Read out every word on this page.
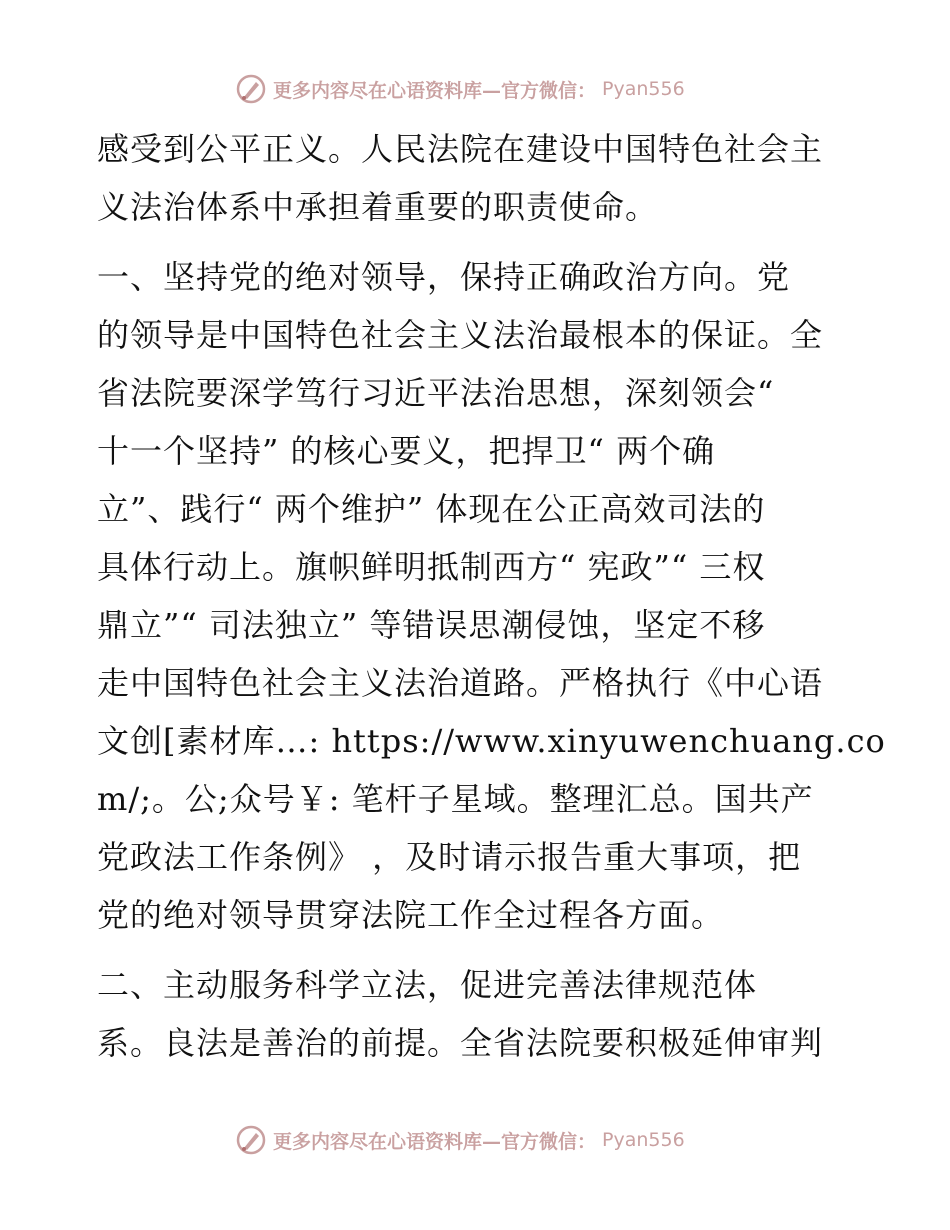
更多内容尽在心语资料库—官方微信： Pyan556
感受到公平正义。人民法院在建设中国特色社会主
义法治体系中承担着重要的职责使命。
一、坚持党的绝对领导，保持正确政治方向。党
的领导是中国特色社会主义法治最根本的保证。全
省法院要深学笃行习近平法治思想，深刻领会“
十一个坚持” 的核心要义，把捍卫“ 两个确
立”、践行“ 两个维护” 体现在公正高效司法的
具体行动上。旗帜鲜明抵制西方“ 宪政”“ 三权
鼎立”“ 司法独立” 等错误思潮侵蚀，坚定不移
走中国特色社会主义法治道路。严格执行《中心语
文创[素材库…: https://www.xinyuwenchuang.co
m/;。公;众号￥: 笔杆子星域。整理汇总。国共产
党政法工作条例》 ，及时请示报告重大事项，把
党的绝对领导贯穿法院工作全过程各方面。
二、主动服务科学立法，促进完善法律规范体
系。良法是善治的前提。全省法院要积极延伸审判
更多内容尽在心语资料库—官方微信： Pyan556
